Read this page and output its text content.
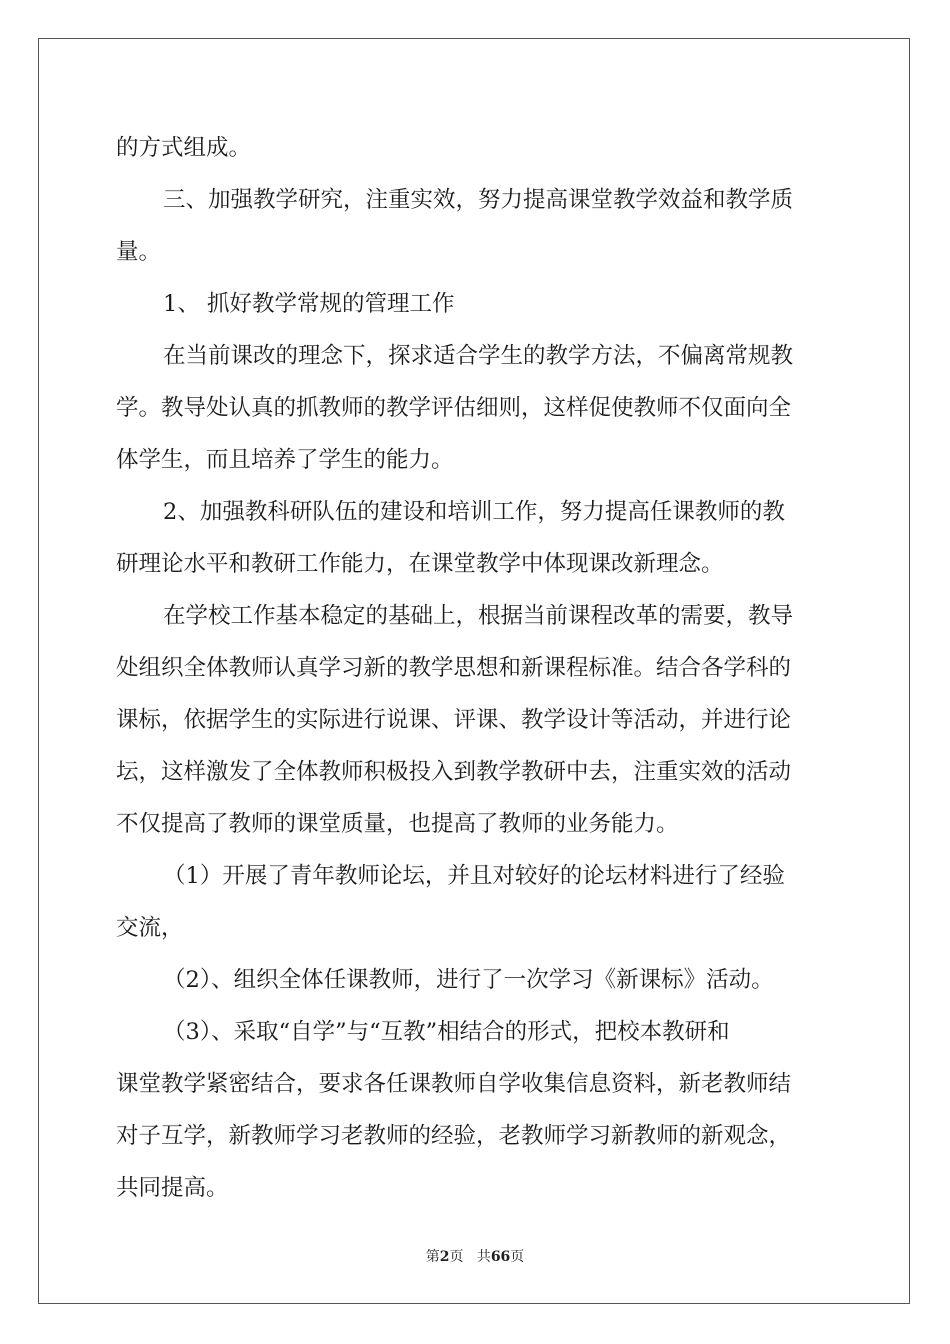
的方式组成。
三、加强教学研究，注重实效，努力提高课堂教学效益和教学质
量。
1、 抓好教学常规的管理工作
在当前课改的理念下，探求适合学生的教学方法，不偏离常规教
学。教导处认真的抓教师的教学评估细则，这样促使教师不仅面向全
体学生，而且培养了学生的能力。
2、加强教科研队伍的建设和培训工作，努力提高任课教师的教
研理论水平和教研工作能力，在课堂教学中体现课改新理念。
在学校工作基本稳定的基础上，根据当前课程改革的需要，教导
处组织全体教师认真学习新的教学思想和新课程标准。结合各学科的
课标，依据学生的实际进行说课、评课、教学设计等活动，并进行论
坛，这样激发了全体教师积极投入到教学教研中去，注重实效的活动
不仅提高了教师的课堂质量，也提高了教师的业务能力。
（1）开展了青年教师论坛，并且对较好的论坛材料进行了经验
交流，
（2）、组织全体任课教师，进行了一次学习《新课标》活动。
（3）、采取“自学”与“互教”相结合的形式，把校本教研和
课堂教学紧密结合，要求各任课教师自学收集信息资料，新老教师结
对子互学，新教师学习老教师的经验，老教师学习新教师的新观念，
共同提高。
第2页 共66页
